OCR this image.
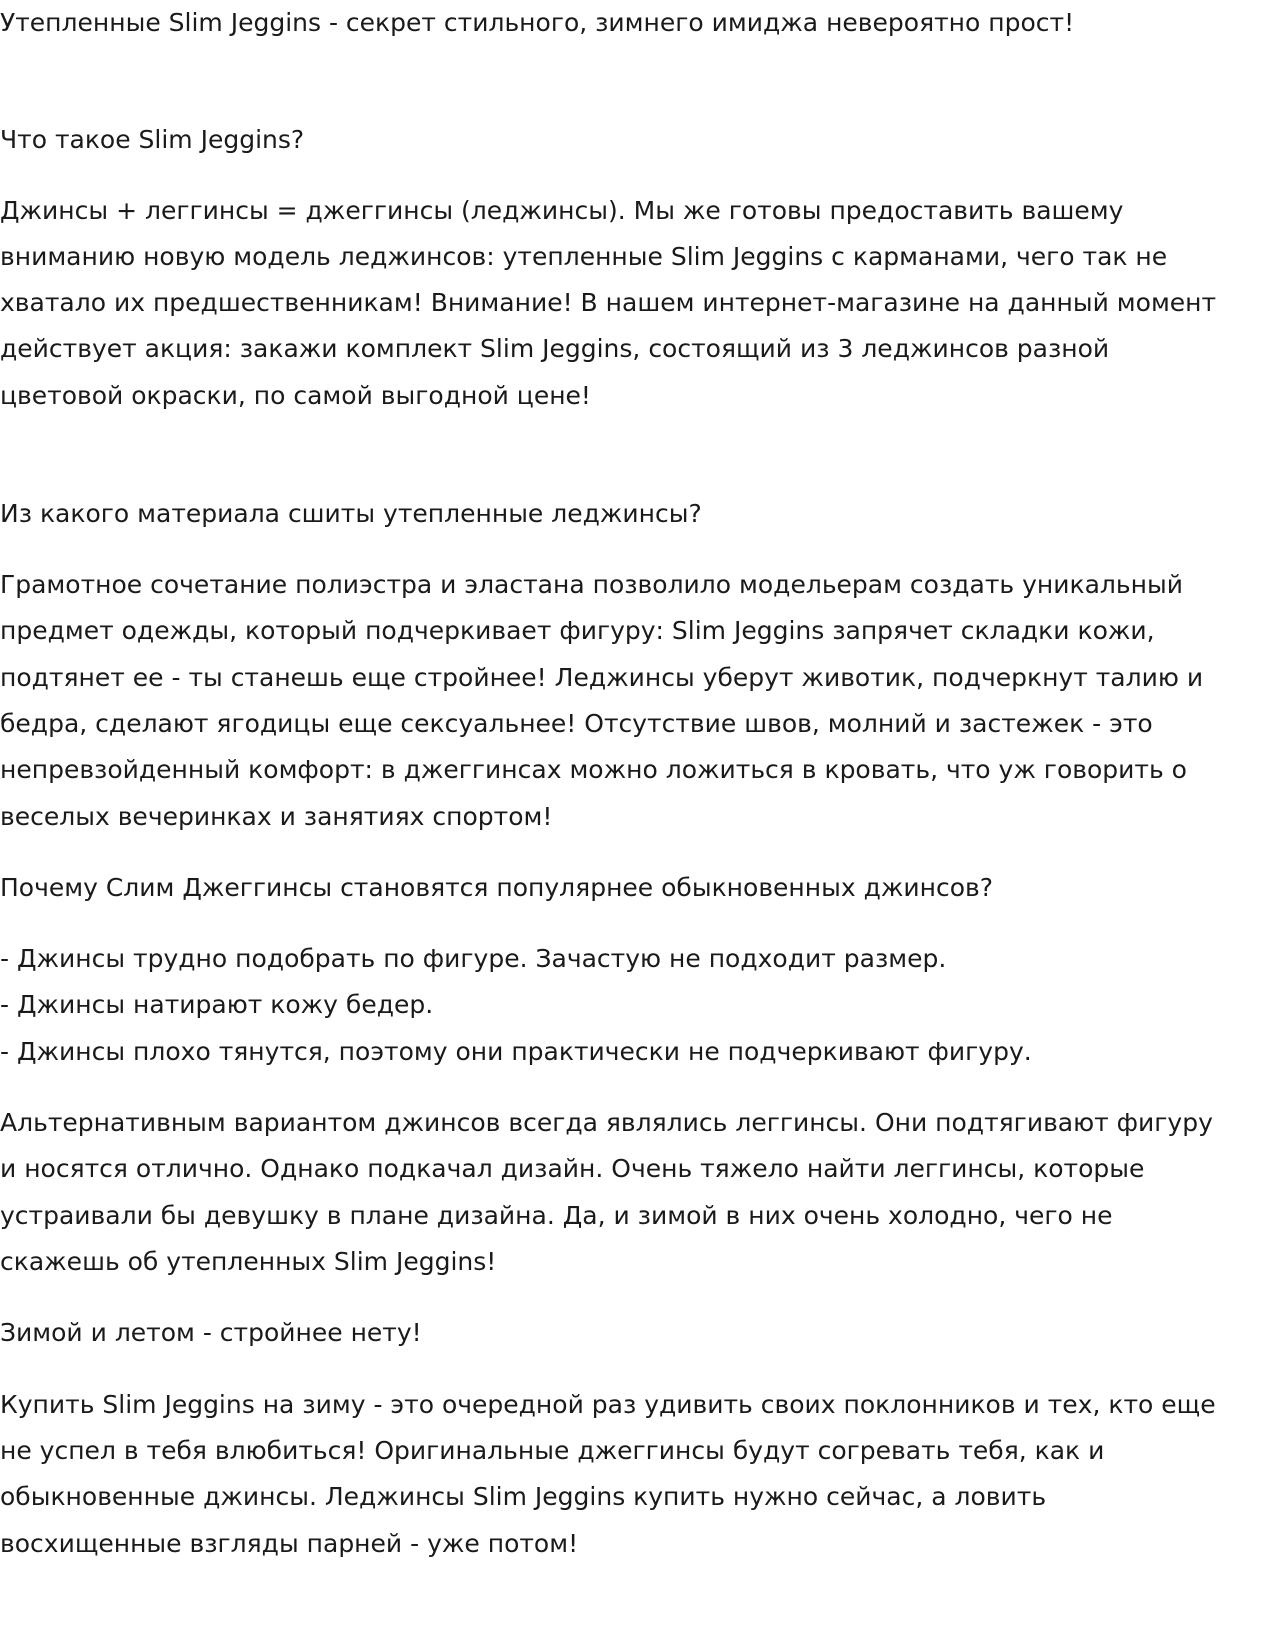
Утепленные Slim Jeggins - секрет стильного, зимнего имиджа невероятно прост!

Что такое Slim Jeggins?

Джинсы + леггинсы = джеггинсы (леджинсы). Мы же готовы предоставить вашему

вниманию новую модель леджинсов: утепленные Slim Jeggins с карманами, чего так не

хватало их предшественникам! Внимание! В нашем интернет-магазине на данный момент

действует акция: закажи комплект Slim Jeggins, состоящий из 3 леджинсов разной

цветовой окраски, по самой выгодной цене!

Из какого материала сшиты утепленные леджинсы?

Грамотное сочетание полиэстра и эластана позволило модельерам создать уникальный

предмет одежды, который подчеркивает фигуру: Slim Jeggins запрячет складки кожи,

подтянет ее - ты станешь еще стройнее! Леджинсы уберут животик, подчеркнут талию и

бедра, сделают ягодицы еще сексуальнее! Отсутствие швов, молний и застежек - это

непревзойденный комфорт: в джеггинсах можно ложиться в кровать, что уж говорить о

веселых вечеринках и занятиях спортом!

Почему Слим Джеггинсы становятся популярнее обыкновенных джинсов?

- Джинсы трудно подобрать по фигуре. Зачастую не подходит размер.

- Джинсы натирают кожу бедер.

- Джинсы плохо тянутся, поэтому они практически не подчеркивают фигуру.

Альтернативным вариантом джинсов всегда являлись леггинсы. Они подтягивают фигуру

и носятся отлично. Однако подкачал дизайн. Очень тяжело найти леггинсы, которые

устраивали бы девушку в плане дизайна. Да, и зимой в них очень холодно, чего не

скажешь об утепленных Slim Jeggins!

Зимой и летом - стройнее нету!

Купить Slim Jeggins на зиму - это очередной раз удивить своих поклонников и тех, кто еще

не успел в тебя влюбиться! Оригинальные джеггинсы будут согревать тебя, как и

обыкновенные джинсы. Леджинсы Slim Jeggins купить нужно сейчас, а ловить

восхищенные взгляды парней - уже потом!
